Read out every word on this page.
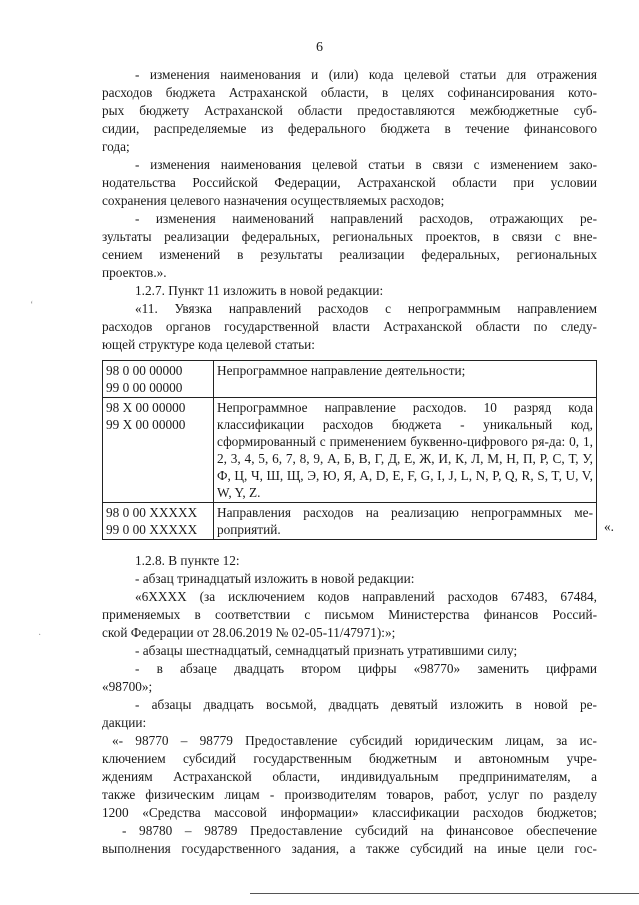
6
- изменения наименования и (или) кода целевой статьи для отражения
расходов бюджета Астраханской области, в целях софинансирования кото-
рых бюджету Астраханской области предоставляются межбюджетные суб-
сидии, распределяемые из федерального бюджета в течение финансового
года;
- изменения наименования целевой статьи в связи с изменением зако-
нодательства Российской Федерации, Астраханской области при условии
сохранения целевого назначения осуществляемых расходов;
- изменения наименований направлений расходов, отражающих ре-
зультаты реализации федеральных, региональных проектов, в связи с вне-
сением изменений в результаты реализации федеральных, региональных
проектов.».
1.2.7. Пункт 11 изложить в новой редакции:
«11. Увязка направлений расходов с непрограммным направлением
расходов органов государственной власти Астраханской области по следу-
ющей структуре кода целевой статьи:
98 0 00 00000
99 0 00 00000	Непрограммное направление деятельности;
98 Х 00 00000
99 Х 00 00000	Непрограммное направление расходов. 10 разряд кода классификации расходов бюджета - уникальный код, сформированный с применением буквенно-цифрового ря-да: 0, 1, 2, 3, 4, 5, 6, 7, 8, 9, А, Б, В, Г, Д, Е, Ж, И, К, Л, М, Н, П, Р, С, Т, У, Ф, Ц, Ч, Ш, Щ, Э, Ю, Я, A, D, E, F, G, I, J, L, N, P, Q, R, S, T, U, V, W, Y, Z.
98 0 00 ХХХХХ
99 0 00 ХХХХХ	Направления расходов на реализацию непрограммных ме-роприятий.	«.
1.2.8. В пункте 12:
- абзац тринадцатый изложить в новой редакции:
«6ХХХХ (за исключением кодов направлений расходов 67483, 67484,
применяемых в соответствии с письмом Министерства финансов Россий-
ской Федерации от 28.06.2019 № 02-05-11/47971):»;
- абзацы шестнадцатый, семнадцатый признать утратившими силу;
- в абзаце двадцать втором цифры «98770» заменить цифрами
«98700»;
- абзацы двадцать восьмой, двадцать девятый изложить в новой ре-
дакции:
«- 98770 – 98779 Предоставление субсидий юридическим лицам, за ис-
ключением субсидий государственным бюджетным и автономным учре-
ждениям Астраханской области, индивидуальным предпринимателям, а
также физическим лицам - производителям товаров, работ, услуг по разделу
1200 «Средства массовой информации» классификации расходов бюджетов;
- 98780 – 98789 Предоставление субсидий на финансовое обеспечение
выполнения государственного задания, а также субсидий на иные цели гос-
ʻ
·
